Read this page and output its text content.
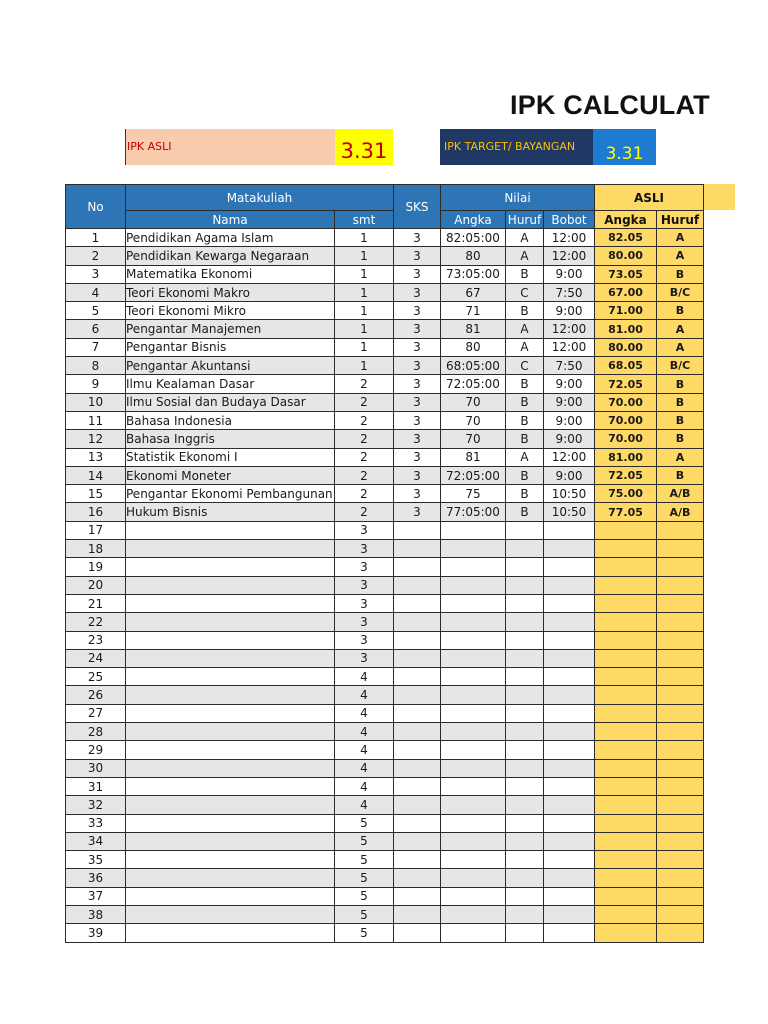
IPK CALCULAT
IPK ASLI	3.31	IPK TARGET/ BAYANGAN	3.31
No	Matakuliah		SKS	Nilai			ASLI	
	Nama	smt		Angka	Huruf	Bobot	Angka	Huruf
1	Pendidikan Agama Islam	1	3	82:05:00	A	12:00	82.05	A
2	Pendidikan Kewarga Negaraan	1	3	80	A	12:00	80.00	A
3	Matematika Ekonomi	1	3	73:05:00	B	9:00	73.05	B
4	Teori Ekonomi Makro	1	3	67	C	7:50	67.00	B/C
5	Teori Ekonomi Mikro	1	3	71	B	9:00	71.00	B
6	Pengantar Manajemen	1	3	81	A	12:00	81.00	A
7	Pengantar Bisnis	1	3	80	A	12:00	80.00	A
8	Pengantar Akuntansi	1	3	68:05:00	C	7:50	68.05	B/C
9	Ilmu Kealaman Dasar	2	3	72:05:00	B	9:00	72.05	B
10	Ilmu Sosial dan Budaya Dasar	2	3	70	B	9:00	70.00	B
11	Bahasa Indonesia	2	3	70	B	9:00	70.00	B
12	Bahasa Inggris	2	3	70	B	9:00	70.00	B
13	Statistik Ekonomi I	2	3	81	A	12:00	81.00	A
14	Ekonomi Moneter	2	3	72:05:00	B	9:00	72.05	B
15	Pengantar Ekonomi Pembangunan	2	3	75	B	10:50	75.00	A/B
16	Hukum Bisnis	2	3	77:05:00	B	10:50	77.05	A/B
17		3						
18		3						
19		3						
20		3						
21		3						
22		3						
23		3						
24		3						
25		4						
26		4						
27		4						
28		4						
29		4						
30		4						
31		4						
32		4						
33		5						
34		5						
35		5						
36		5						
37		5						
38		5						
39		5						
